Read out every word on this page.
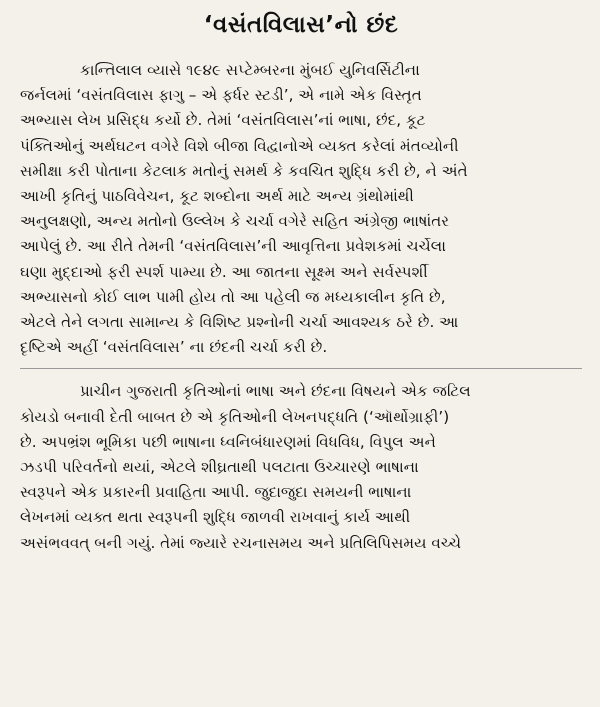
‘વસંતવિલાસ’નો છંદ

કાન્તિલાલ વ્યાસે ૧૯૪૯ સપ્ટેમ્બરના મુંબઈ યુનિવર્સિટીના
જર્નલમાં ‘વસંતવિલાસ ફાગુ – એ ફર્ધર સ્ટડી’, એ નામે એક વિસ્તૃત
અભ્યાસ લેખ પ્રસિદ્ધ કર્યો છે. તેમાં ‘વસંતવિલાસ’નાં ભાષા, છંદ, કૂટ
પંક્તિઓનું અર્થઘટન વગેરે વિશે બીજા વિદ્વાનોએ વ્યક્ત કરેલાં મંતવ્યોની
સમીક્ષા કરી પોતાના કેટલાક મતોનું સમર્થ કે કવચિત શુદ્ધિ કરી છે, ને અંતે
આખી કૃતિનું પાઠવિવેચન, કૂટ શબ્દોના અર્થ માટે અન્ય ગ્રંથોમાંથી
અનુલક્ષણો, અન્ય મતોનો ઉલ્લેખ કે ચર્ચા વગેરે સહિત અંગ્રેજી ભાષાંતર
આપેલું છે. આ રીતે તેમની ‘વસંતવિલાસ’ની આવૃત્તિના પ્રવેશકમાં ચર્ચેલા
ઘણા મુદ્દાઓ ફરી સ્પર્શ પામ્યા છે. આ જાતના સૂક્ષ્મ અને સર્વસ્પર્શી
અભ્યાસનો કોઈ લાભ પામી હોય તો આ પહેલી જ મધ્યકાલીન કૃતિ છે,
એટલે તેને લગતા સામાન્ય કે વિશિષ્ટ પ્રશ્નોની ચર્ચા આવશ્યક ઠરે છે. આ
દૃષ્ટિએ અહીં ‘વસંતવિલાસ’ ના છંદની ચર્ચા કરી છે.

પ્રાચીન ગુજરાતી કૃતિઓનાં ભાષા અને છંદના વિષયને એક જટિલ
કોયડો બનાવી દેતી બાબત છે એ કૃતિઓની લેખનપદ્ધતિ (‘ઑર્થોગ્રાફી’)
છે. અપભ્રંશ ભૂમિકા પછી ભાષાના ધ્વનિબંધારણમાં વિધવિધ, વિપુલ અને
ઝડપી પરિવર્તનો થયાં, એટલે શીઘ્રતાથી પલટાતા ઉચ્ચારણે ભાષાના
સ્વરૂપને એક પ્રકારની પ્રવાહિતા આપી. જુદાજુદા સમયની ભાષાના
લેખનમાં વ્યક્ત થતા સ્વરૂપની શુદ્ધિ જાળવી રાખવાનું કાર્ય આથી
અસંભવવત્ બની ગયું. તેમાં જ્યારે રચનાસમય અને પ્રતિલિપિસમય વચ્ચે
